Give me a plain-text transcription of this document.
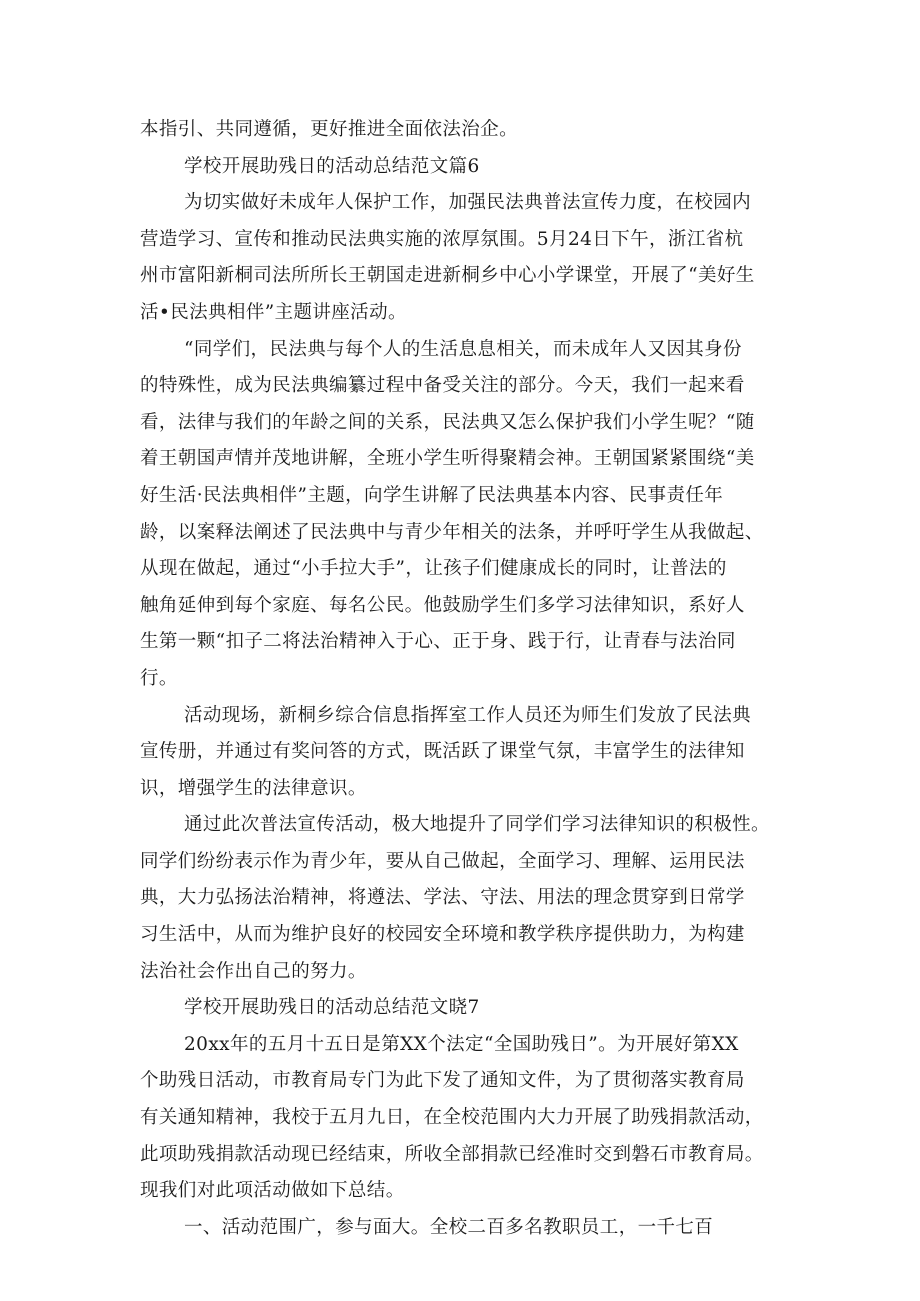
本指引、共同遵循，更好推进全面依法治企。
学校开展助残日的活动总结范文篇6
为切实做好未成年人保护工作，加强民法典普法宣传力度，在校园内
营造学习、宣传和推动民法典实施的浓厚氛围。5月24日下午，浙江省杭
州市富阳新桐司法所所长王朝国走进新桐乡中心小学课堂，开展了“美好生
活•民法典相伴”主题讲座活动。
“同学们，民法典与每个人的生活息息相关，而未成年人又因其身份
的特殊性，成为民法典编纂过程中备受关注的部分。今天，我们一起来看
看，法律与我们的年龄之间的关系，民法典又怎么保护我们小学生呢？“随
着王朝国声情并茂地讲解，全班小学生听得聚精会神。王朝国紧紧围绕“美
好生活·民法典相伴”主题，向学生讲解了民法典基本内容、民事责任年
龄，以案释法阐述了民法典中与青少年相关的法条，并呼吁学生从我做起、
从现在做起，通过“小手拉大手”，让孩子们健康成长的同时，让普法的
触角延伸到每个家庭、每名公民。他鼓励学生们多学习法律知识，系好人
生第一颗“扣子二将法治精神入于心、正于身、践于行，让青春与法治同
行。
活动现场，新桐乡综合信息指挥室工作人员还为师生们发放了民法典
宣传册，并通过有奖问答的方式，既活跃了课堂气氛，丰富学生的法律知
识，增强学生的法律意识。
通过此次普法宣传活动，极大地提升了同学们学习法律知识的积极性。
同学们纷纷表示作为青少年，要从自己做起，全面学习、理解、运用民法
典，大力弘扬法治精神，将遵法、学法、守法、用法的理念贯穿到日常学
习生活中，从而为维护良好的校园安全环境和教学秩序提供助力，为构建
法治社会作出自己的努力。
学校开展助残日的活动总结范文晓7
20xx年的五月十五日是第XX个法定“全国助残日”。为开展好第XX
个助残日活动，市教育局专门为此下发了通知文件，为了贯彻落实教育局
有关通知精神，我校于五月九日，在全校范围内大力开展了助残捐款活动，
此项助残捐款活动现已经结束，所收全部捐款已经准时交到磐石市教育局。
现我们对此项活动做如下总结。
一、活动范围广，参与面大。全校二百多名教职员工，一千七百
